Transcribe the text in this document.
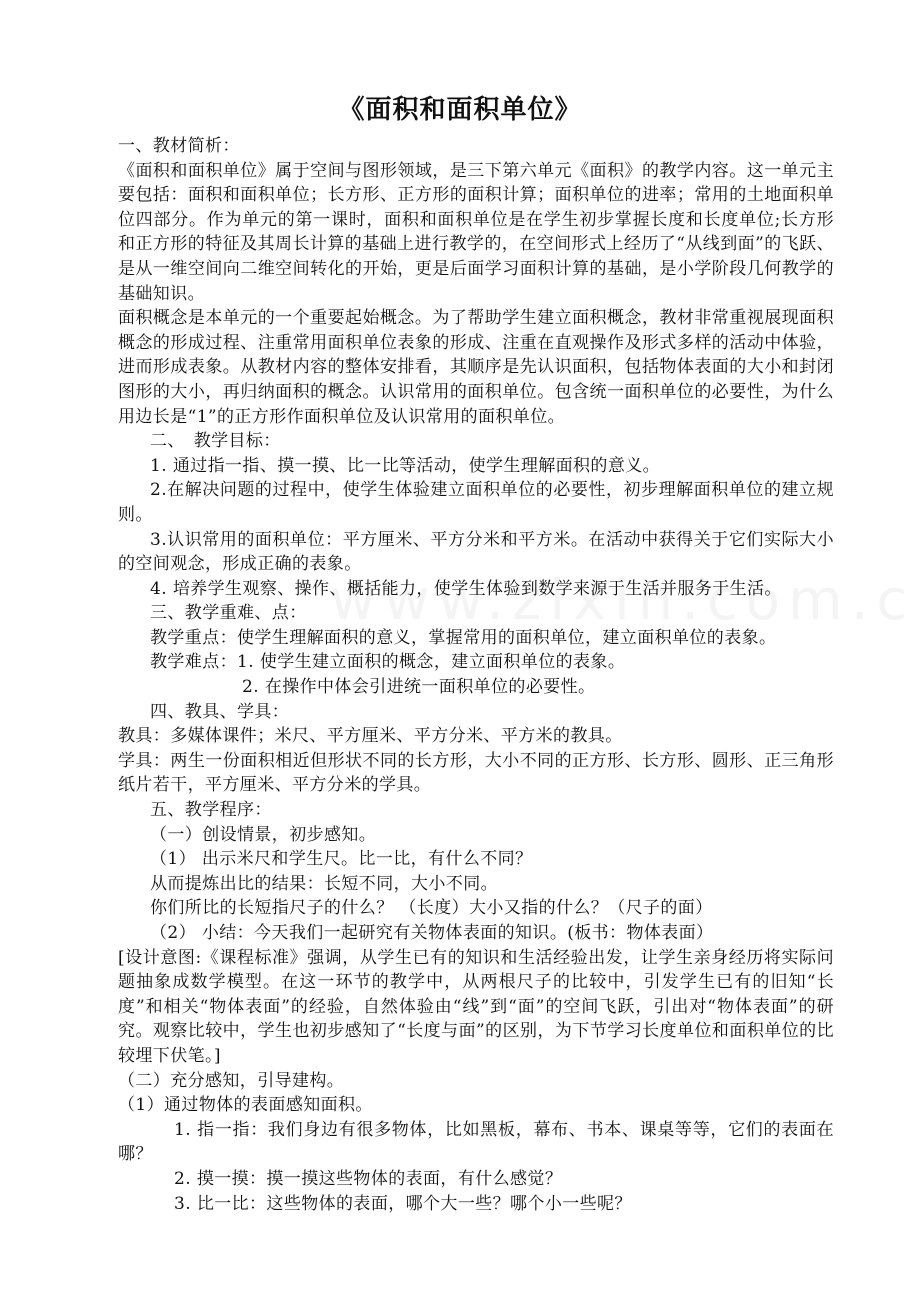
《面积和面积单位》

一、教材简析：

《面积和面积单位》属于空间与图形领域，是三下第六单元《面积》的教学内容。这一单元主要包括：面积和面积单位；长方形、正方形的面积计算；面积单位的进率；常用的土地面积单位四部分。作为单元的第一课时，面积和面积单位是在学生初步掌握长度和长度单位;长方形和正方形的特征及其周长计算的基础上进行教学的，在空间形式上经历了“从线到面”的飞跃、是从一维空间向二维空间转化的开始，更是后面学习面积计算的基础，是小学阶段几何教学的基础知识。

面积概念是本单元的一个重要起始概念。为了帮助学生建立面积概念，教材非常重视展现面积概念的形成过程、注重常用面积单位表象的形成、注重在直观操作及形式多样的活动中体验，进而形成表象。从教材内容的整体安排看，其顺序是先认识面积，包括物体表面的大小和封闭图形的大小，再归纳面积的概念。认识常用的面积单位。包含统一面积单位的必要性，为什么用边长是“1”的正方形作面积单位及认识常用的面积单位。

二、　教学目标：

1. 通过指一指、摸一摸、比一比等活动，使学生理解面积的意义。

2.在解决问题的过程中，使学生体验建立面积单位的必要性，初步理解面积单位的建立规则。

3.认识常用的面积单位：平方厘米、平方分米和平方米。在活动中获得关于它们实际大小的空间观念，形成正确的表象。

4. 培养学生观察、操作、概括能力，使学生体验到数学来源于生活并服务于生活。

三、教学重难、点：

教学重点：使学生理解面积的意义，掌握常用的面积单位，建立面积单位的表象。

教学难点：1. 使学生建立面积的概念，建立面积单位的表象。

2. 在操作中体会引进统一面积单位的必要性。

四、教具、学具：

教具：多媒体课件；米尺、平方厘米、平方分米、平方米的教具。

学具：两生一份面积相近但形状不同的长方形，大小不同的正方形、长方形、圆形、正三角形纸片若干，平方厘米、平方分米的学具。

五、教学程序：

（一）创设情景，初步感知。

（1） 出示米尺和学生尺。比一比，有什么不同？

从而提炼出比的结果：长短不同，大小不同。

你们所比的长短指尺子的什么？ （长度）大小又指的什么？（尺子的面）

（2） 小结：今天我们一起研究有关物体表面的知识。(板书：物体表面）

[设计意图:《课程标准》强调，从学生已有的知识和生活经验出发，让学生亲身经历将实际问题抽象成数学模型。在这一环节的教学中，从两根尺子的比较中，引发学生已有的旧知“长度”和相关“物体表面”的经验，自然体验由“线”到“面”的空间飞跃，引出对“物体表面”的研究。观察比较中，学生也初步感知了“长度与面”的区别，为下节学习长度单位和面积单位的比较埋下伏笔。]

（二）充分感知，引导建构。

（1）通过物体的表面感知面积。

1. 指一指：我们身边有很多物体，比如黑板，幕布、书本、课桌等等，它们的表面在哪？

2. 摸一摸：摸一摸这些物体的表面，有什么感觉？

3. 比一比：这些物体的表面，哪个大一些？哪个小一些呢？
